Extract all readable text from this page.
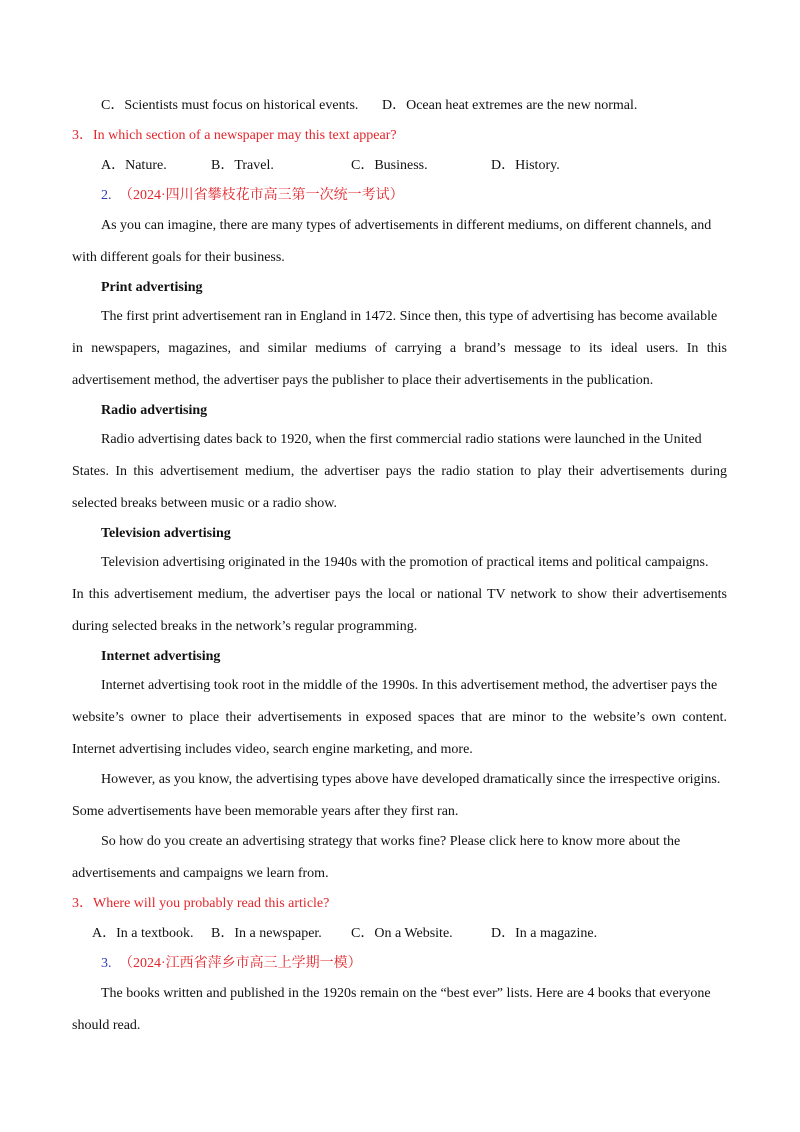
C．Scientists must focus on historical events. D．Ocean heat extremes are the new normal.
3．In which section of a newspaper may this text appear?
A．Nature.	B．Travel.	C．Business.	D．History.
2. （2024·四川省攀枝花市高三第一次统一考试）
As you can imagine, there are many types of advertisements in different mediums, on different channels, and
with different goals for their business.
Print advertising
The first print advertisement ran in England in 1472. Since then, this type of advertising has become available
in newspapers, magazines, and similar mediums of carrying a brand’s message to its ideal users. In this
advertisement method, the advertiser pays the publisher to place their advertisements in the publication.
Radio advertising
Radio advertising dates back to 1920, when the first commercial radio stations were launched in the United
States. In this advertisement medium, the advertiser pays the radio station to play their advertisements during
selected breaks between music or a radio show.
Television advertising
Television advertising originated in the 1940s with the promotion of practical items and political campaigns.
In this advertisement medium, the advertiser pays the local or national TV network to show their advertisements
during selected breaks in the network’s regular programming.
Internet advertising
Internet advertising took root in the middle of the 1990s. In this advertisement method, the advertiser pays the
website’s owner to place their advertisements in exposed spaces that are minor to the website’s own content.
Internet advertising includes video, search engine marketing, and more.
However, as you know, the advertising types above have developed dramatically since the irrespective origins.
Some advertisements have been memorable years after they first ran.
So how do you create an advertising strategy that works fine? Please click here to know more about the
advertisements and campaigns we learn from.
3．Where will you probably read this article?
A．In a textbook. B．In a newspaper. C．On a Website.	D．In a magazine.
3. （2024·江西省萍乡市高三上学期一模）
The books written and published in the 1920s remain on the “best ever” lists. Here are 4 books that everyone
should read.
